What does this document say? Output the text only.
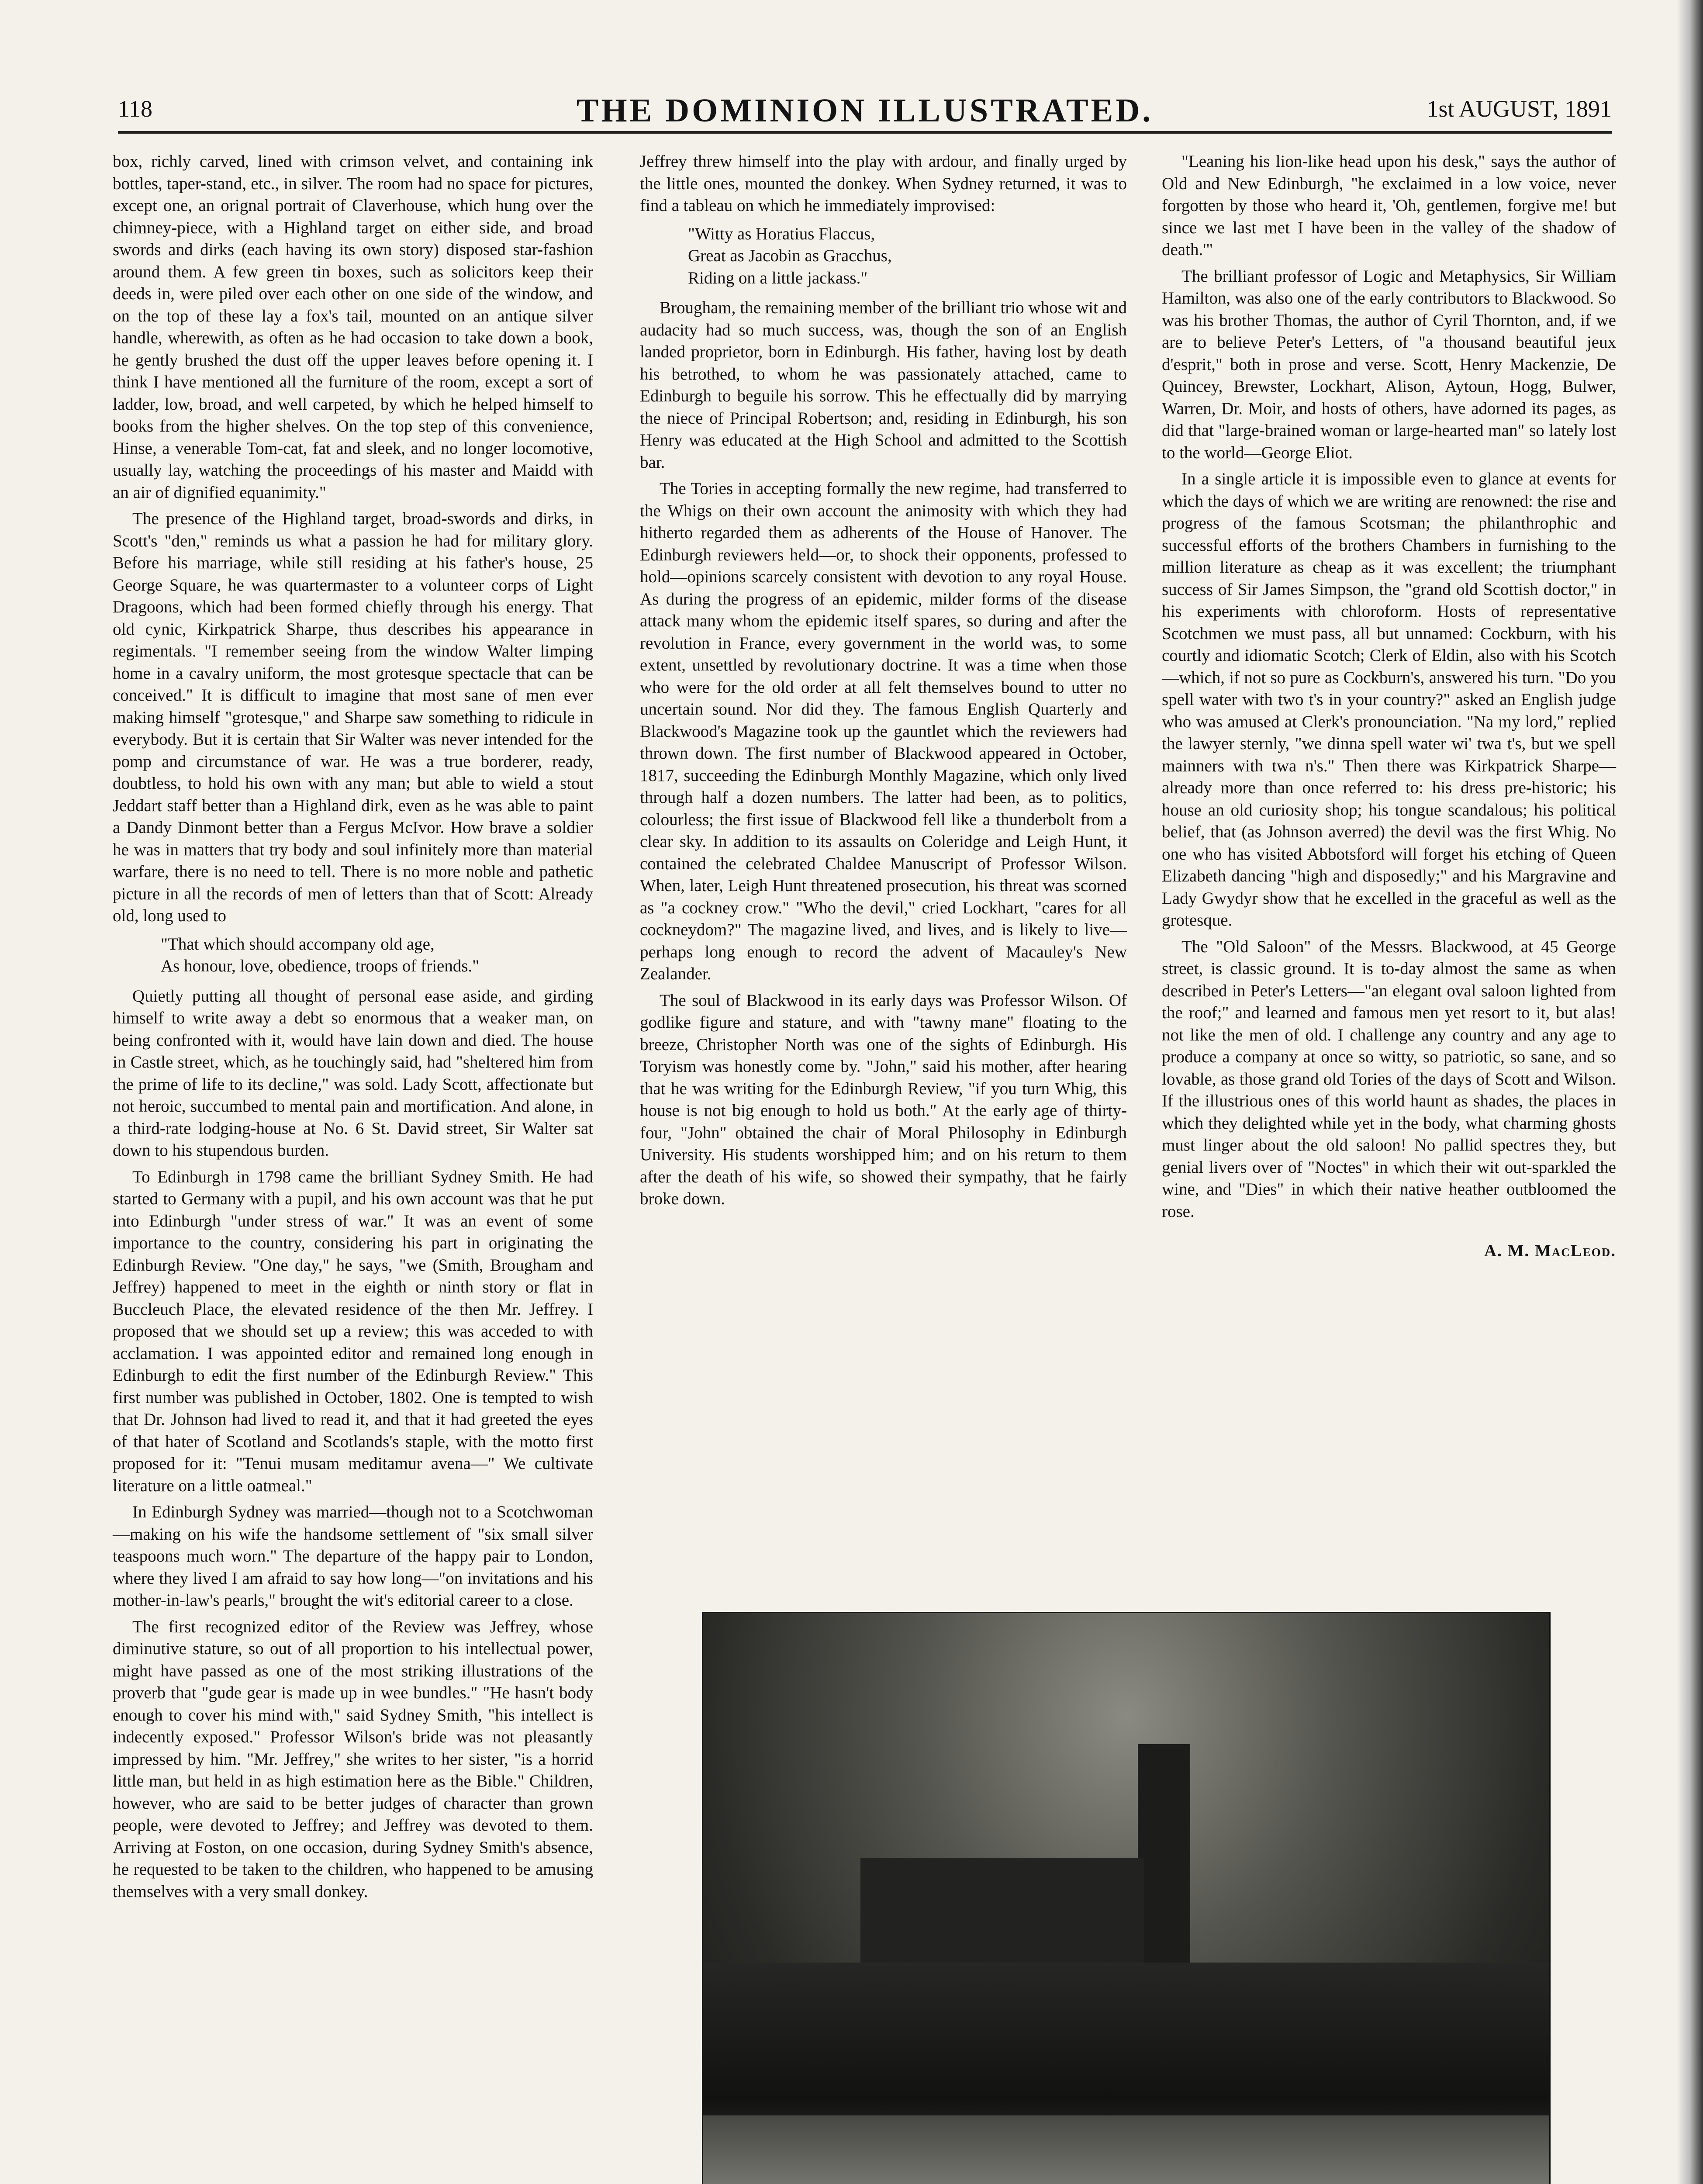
118	THE DOMINION ILLUSTRATED.	1st AUGUST, 1891

box, richly carved, lined with crimson velvet, and containing ink bottles, taper-stand, etc., in silver. The room had no space for pictures, except one, an orignal portrait of Claverhouse, which hung over the chimney-piece, with a Highland target on either side, and broad swords and dirks (each having its own story) disposed star-fashion around them. A few green tin boxes, such as solicitors keep their deeds in, were piled over each other on one side of the window, and on the top of these lay a fox's tail, mounted on an antique silver handle, wherewith, as often as he had occasion to take down a book, he gently brushed the dust off the upper leaves before opening it. I think I have mentioned all the furniture of the room, except a sort of ladder, low, broad, and well carpeted, by which he helped himself to books from the higher shelves. On the top step of this convenience, Hinse, a venerable Tom-cat, fat and sleek, and no longer locomotive, usually lay, watching the proceedings of his master and Maidd with an air of dignified equanimity."

The presence of the Highland target, broad-swords and dirks, in Scott's "den," reminds us what a passion he had for military glory. Before his marriage, while still residing at his father's house, 25 George Square, he was quartermaster to a volunteer corps of Light Dragoons, which had been formed chiefly through his energy. That old cynic, Kirkpatrick Sharpe, thus describes his appearance in regimentals. "I remember seeing from the window Walter limping home in a cavalry uniform, the most grotesque spectacle that can be conceived." It is difficult to imagine that most sane of men ever making himself "grotesque," and Sharpe saw something to ridicule in everybody. But it is certain that Sir Walter was never intended for the pomp and circumstance of war. He was a true borderer, ready, doubtless, to hold his own with any man; but able to wield a stout Jeddart staff better than a Highland dirk, even as he was able to paint a Dandy Dinmont better than a Fergus McIvor. How brave a soldier he was in matters that try body and soul infinitely more than material warfare, there is no need to tell. There is no more noble and pathetic picture in all the records of men of letters than that of Scott: Already old, long used to

"That which should accompany old age,
As honour, love, obedience, troops of friends."

Quietly putting all thought of personal ease aside, and girding himself to write away a debt so enormous that a weaker man, on being confronted with it, would have lain down and died. The house in Castle street, which, as he touchingly said, had "sheltered him from the prime of life to its decline," was sold. Lady Scott, affectionate but not heroic, succumbed to mental pain and mortification. And alone, in a third-rate lodging-house at No. 6 St. David street, Sir Walter sat down to his stupendous burden.

To Edinburgh in 1798 came the brilliant Sydney Smith. He had started to Germany with a pupil, and his own account was that he put into Edinburgh "under stress of war." It was an event of some importance to the country, considering his part in originating the Edinburgh Review. "One day," he says, "we (Smith, Brougham and Jeffrey) happened to meet in the eighth or ninth story or flat in Buccleuch Place, the elevated residence of the then Mr. Jeffrey. I proposed that we should set up a review; this was acceded to with acclamation. I was appointed editor and remained long enough in Edinburgh to edit the first number of the Edinburgh Review." This first number was published in October, 1802. One is tempted to wish that Dr. Johnson had lived to read it, and that it had greeted the eyes of that hater of Scotland and Scotlands's staple, with the motto first proposed for it: "Tenui musam meditamur avena—" We cultivate literature on a little oatmeal."

In Edinburgh Sydney was married—though not to a Scotchwoman—making on his wife the handsome settlement of "six small silver teaspoons much worn." The departure of the happy pair to London, where they lived I am afraid to say how long—"on invitations and his mother-in-law's pearls," brought the wit's editorial career to a close.

The first recognized editor of the Review was Jeffrey, whose diminutive stature, so out of all proportion to his intellectual power, might have passed as one of the most striking illustrations of the proverb that "gude gear is made up in wee bundles." "He hasn't body enough to cover his mind with," said Sydney Smith, "his intellect is indecently exposed." Professor Wilson's bride was not pleasantly impressed by him. "Mr. Jeffrey," she writes to her sister, "is a horrid little man, but held in as high estimation here as the Bible." Children, however, who are said to be better judges of character than grown people, were devoted to Jeffrey; and Jeffrey was devoted to them. Arriving at Foston, on one occasion, during Sydney Smith's absence, he requested to be taken to the children, who happened to be amusing themselves with a very small donkey.

Jeffrey threw himself into the play with ardour, and finally urged by the little ones, mounted the donkey. When Sydney returned, it was to find a tableau on which he immediately improvised:

"Witty as Horatius Flaccus,
Great as Jacobin as Gracchus,
Riding on a little jackass."

Brougham, the remaining member of the brilliant trio whose wit and audacity had so much success, was, though the son of an English landed proprietor, born in Edinburgh. His father, having lost by death his betrothed, to whom he was passionately attached, came to Edinburgh to beguile his sorrow. This he effectually did by marrying the niece of Principal Robertson; and, residing in Edinburgh, his son Henry was educated at the High School and admitted to the Scottish bar.

The Tories in accepting formally the new regime, had transferred to the Whigs on their own account the animosity with which they had hitherto regarded them as adherents of the House of Hanover. The Edinburgh reviewers held—or, to shock their opponents, professed to hold—opinions scarcely consistent with devotion to any royal House. As during the progress of an epidemic, milder forms of the disease attack many whom the epidemic itself spares, so during and after the revolution in France, every government in the world was, to some extent, unsettled by revolutionary doctrine. It was a time when those who were for the old order at all felt themselves bound to utter no uncertain sound. Nor did they. The famous English Quarterly and Blackwood's Magazine took up the gauntlet which the reviewers had thrown down. The first number of Blackwood appeared in October, 1817, succeeding the Edinburgh Monthly Magazine, which only lived through half a dozen numbers. The latter had been, as to politics, colourless; the first issue of Blackwood fell like a thunderbolt from a clear sky. In addition to its assaults on Coleridge and Leigh Hunt, it contained the celebrated Chaldee Manuscript of Professor Wilson. When, later, Leigh Hunt threatened prosecution, his threat was scorned as "a cockney crow." "Who the devil," cried Lockhart, "cares for all cockneydom?" The magazine lived, and lives, and is likely to live—perhaps long enough to record the advent of Macauley's New Zealander.

The soul of Blackwood in its early days was Professor Wilson. Of godlike figure and stature, and with "tawny mane" floating to the breeze, Christopher North was one of the sights of Edinburgh. His Toryism was honestly come by. "John," said his mother, after hearing that he was writing for the Edinburgh Review, "if you turn Whig, this house is not big enough to hold us both." At the early age of thirty-four, "John" obtained the chair of Moral Philosophy in Edinburgh University. His students worshipped him; and on his return to them after the death of his wife, so showed their sympathy, that he fairly broke down.

"Leaning his lion-like head upon his desk," says the author of Old and New Edinburgh, "he exclaimed in a low voice, never forgotten by those who heard it, 'Oh, gentlemen, forgive me! but since we last met I have been in the valley of the shadow of death.'"

The brilliant professor of Logic and Metaphysics, Sir William Hamilton, was also one of the early contributors to Blackwood. So was his brother Thomas, the author of Cyril Thornton, and, if we are to believe Peter's Letters, of "a thousand beautiful jeux d'esprit," both in prose and verse. Scott, Henry Mackenzie, De Quincey, Brewster, Lockhart, Alison, Aytoun, Hogg, Bulwer, Warren, Dr. Moir, and hosts of others, have adorned its pages, as did that "large-brained woman or large-hearted man" so lately lost to the world—George Eliot.

In a single article it is impossible even to glance at events for which the days of which we are writing are renowned: the rise and progress of the famous Scotsman; the philanthrophic and successful efforts of the brothers Chambers in furnishing to the million literature as cheap as it was excellent; the triumphant success of Sir James Simpson, the "grand old Scottish doctor," in his experiments with chloroform. Hosts of representative Scotchmen we must pass, all but unnamed: Cockburn, with his courtly and idiomatic Scotch; Clerk of Eldin, also with his Scotch—which, if not so pure as Cockburn's, answered his turn. "Do you spell water with two t's in your country?" asked an English judge who was amused at Clerk's pronounciation. "Na my lord," replied the lawyer sternly, "we dinna spell water wi' twa t's, but we spell mainners with twa n's." Then there was Kirkpatrick Sharpe—already more than once referred to: his dress pre-historic; his house an old curiosity shop; his tongue scandalous; his political belief, that (as Johnson averred) the devil was the first Whig. No one who has visited Abbotsford will forget his etching of Queen Elizabeth dancing "high and disposedly;" and his Margravine and Lady Gwydyr show that he excelled in the graceful as well as the grotesque.

The "Old Saloon" of the Messrs. Blackwood, at 45 George street, is classic ground. It is to-day almost the same as when described in Peter's Letters—"an elegant oval saloon lighted from the roof;" and learned and famous men yet resort to it, but alas! not like the men of old. I challenge any country and any age to produce a company at once so witty, so patriotic, so sane, and so lovable, as those grand old Tories of the days of Scott and Wilson. If the illustrious ones of this world haunt as shades, the places in which they delighted while yet in the body, what charming ghosts must linger about the old saloon! No pallid spectres they, but genial livers over of "Noctes" in which their wit out-sparkled the wine, and "Dies" in which their native heather outbloomed the rose.

A. M. MacLeod.
